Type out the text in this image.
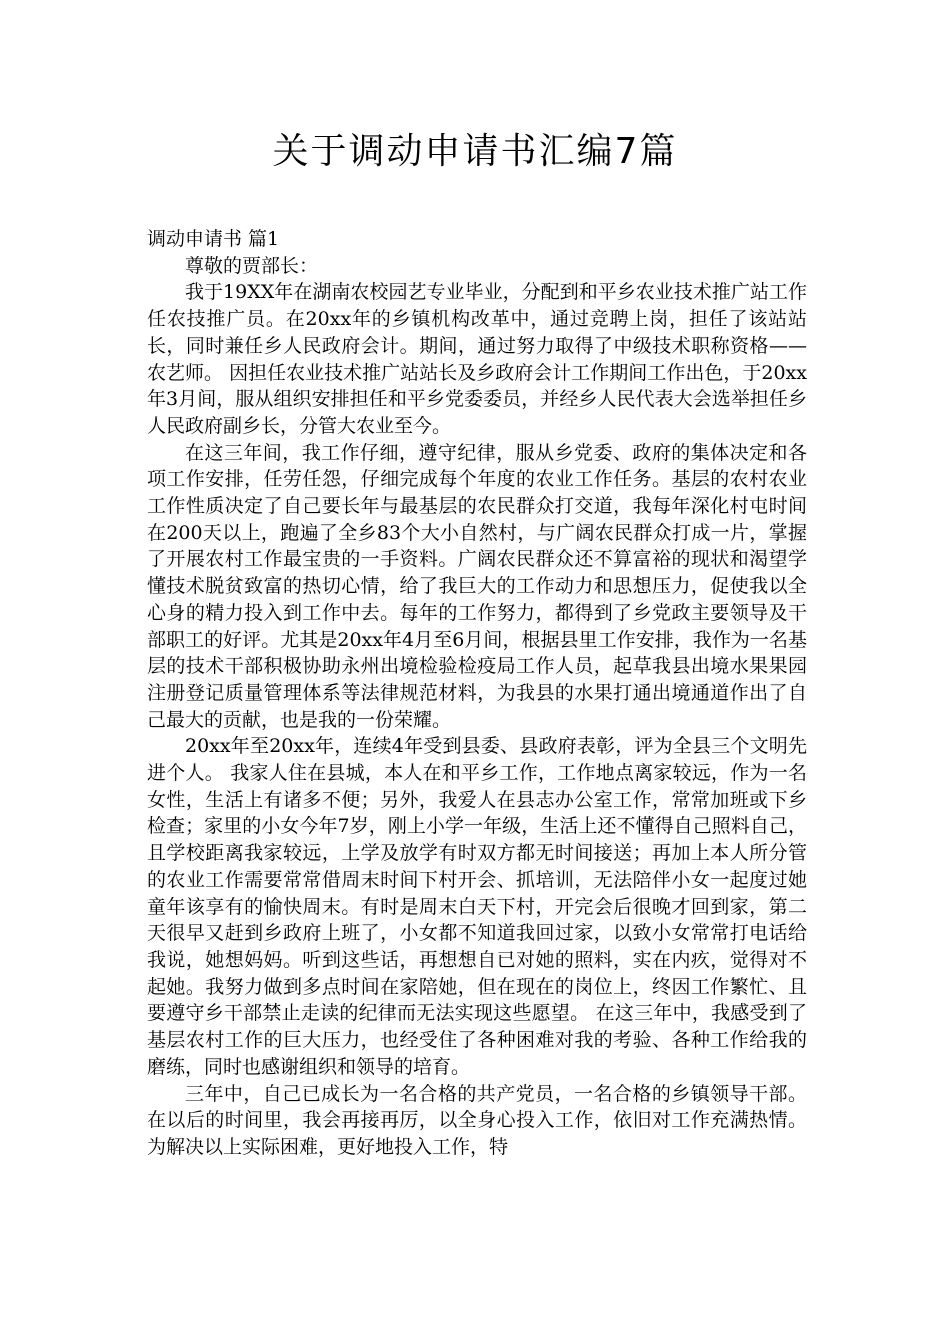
关于调动申请书汇编7篇

调动申请书 篇1

尊敬的贾部长：

我于19XX年在湖南农校园艺专业毕业，分配到和平乡农业技术推广站工作任农技推广员。在20xx年的乡镇机构改革中，通过竞聘上岗，担任了该站站长，同时兼任乡人民政府会计。期间，通过努力取得了中级技术职称资格——农艺师。 因担任农业技术推广站站长及乡政府会计工作期间工作出色，于20xx年3月间，服从组织安排担任和平乡党委委员，并经乡人民代表大会选举担任乡人民政府副乡长，分管大农业至今。

在这三年间，我工作仔细，遵守纪律，服从乡党委、政府的集体决定和各项工作安排，任劳任怨，仔细完成每个年度的农业工作任务。基层的农村农业工作性质决定了自己要长年与最基层的农民群众打交道，我每年深化村屯时间在200天以上，跑遍了全乡83个大小自然村，与广阔农民群众打成一片，掌握了开展农村工作最宝贵的一手资料。广阔农民群众还不算富裕的现状和渴望学懂技术脱贫致富的热切心情，给了我巨大的工作动力和思想压力，促使我以全心身的精力投入到工作中去。每年的工作努力，都得到了乡党政主要领导及干部职工的好评。尤其是20xx年4月至6月间，根据县里工作安排，我作为一名基层的技术干部积极协助永州出境检验检疫局工作人员，起草我县出境水果果园注册登记质量管理体系等法律规范材料，为我县的水果打通出境通道作出了自己最大的贡献，也是我的一份荣耀。

20xx年至20xx年，连续4年受到县委、县政府表彰，评为全县三个文明先进个人。 我家人住在县城，本人在和平乡工作，工作地点离家较远，作为一名女性，生活上有诸多不便；另外，我爱人在县志办公室工作，常常加班或下乡检查；家里的小女今年7岁，刚上小学一年级，生活上还不懂得自己照料自己，且学校距离我家较远，上学及放学有时双方都无时间接送；再加上本人所分管的农业工作需要常常借周末时间下村开会、抓培训，无法陪伴小女一起度过她童年该享有的愉快周末。有时是周末白天下村，开完会后很晚才回到家，第二天很早又赶到乡政府上班了，小女都不知道我回过家，以致小女常常打电话给我说，她想妈妈。听到这些话，再想想自已对她的照料，实在内疚，觉得对不起她。我努力做到多点时间在家陪她，但在现在的岗位上，终因工作繁忙、且要遵守乡干部禁止走读的纪律而无法实现这些愿望。 在这三年中，我感受到了基层农村工作的巨大压力，也经受住了各种困难对我的考验、各种工作给我的磨练，同时也感谢组织和领导的培育。

三年中，自己已成长为一名合格的共产党员，一名合格的乡镇领导干部。在以后的时间里，我会再接再厉，以全身心投入工作，依旧对工作充满热情。 为解决以上实际困难，更好地投入工作，特
